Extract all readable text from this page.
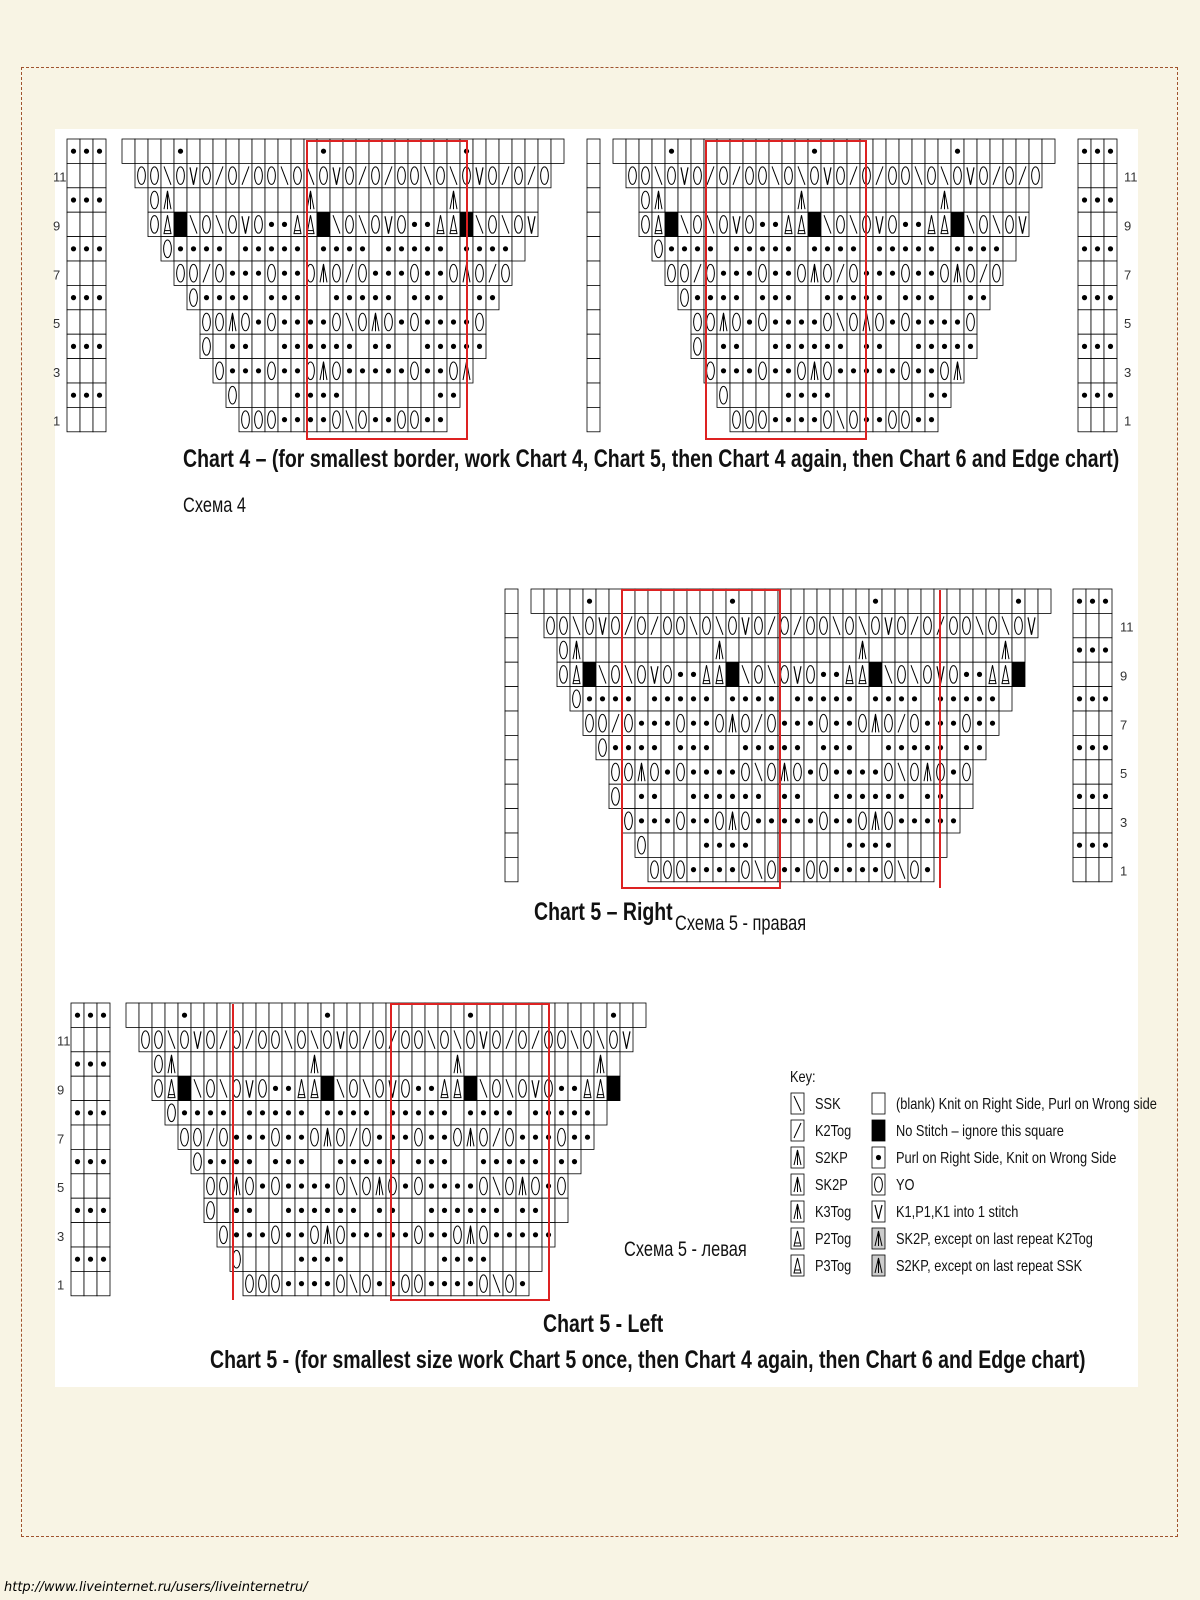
11
9
7
5
3
1
11
9
7
5
3
1
11
9
7
5
3
1
11
9
7
5
3
1
Chart 4 – (for smallest border, work Chart 4, Chart 5, then Chart 4 again, then Chart 6 and Edge chart)
Схема 4
Chart 5 – Right Схема 5 - правая
Схема 5 - левая
Chart 5 - Left
Chart 5 - (for smallest size work Chart 5 once, then Chart 4 again, then Chart 6 and Edge chart)
Key:
SSK
K2Tog
S2KP
SK2P
K3Tog
P2Tog
P3Tog
(blank) Knit on Right Side, Purl on Wrong side
No Stitch – ignore this square
Purl on Right Side, Knit on Wrong Side
YO
K1,P1,K1 into 1 stitch
SK2P, except on last repeat K2Tog
S2KP, except on last repeat SSK
http://www.liveinternet.ru/users/liveinternetru/
